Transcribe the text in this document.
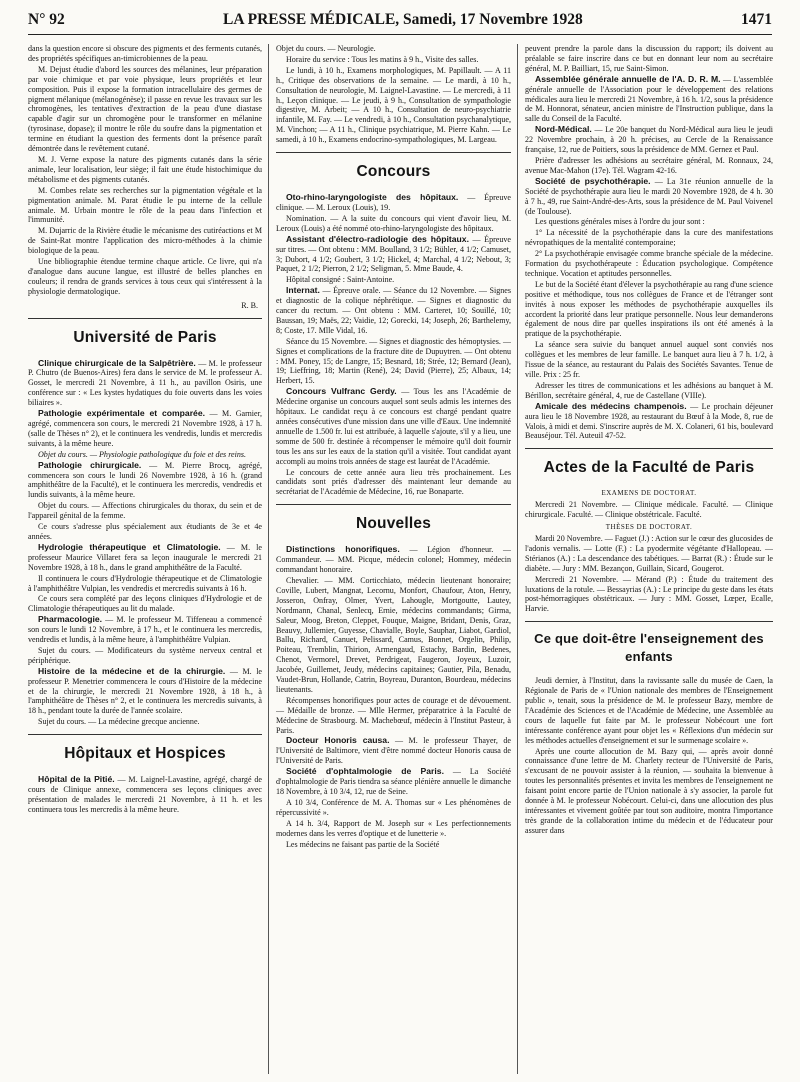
N° 92	LA PRESSE MÉDICALE, Samedi, 17 Novembre 1928	1471

dans la question encore si obscure des pigments et des ferments cutanés, des propriétés spécifiques an-timicrobiennes de la peau.

M. Dejust étudie d'abord les sources des mélanines, leur préparation par voie chimique et par voie physique, leurs propriétés et leur composition. Puis il expose la formation intracellulaire des germes de pigment mélanique (mélanogénèse); il passe en revue les travaux sur les chromogènes, les tentatives d'extraction de la peau d'une diastase capable d'agir sur un chromogène pour le transformer en mélanine (tyrosinase, dopase); il montre le rôle du soufre dans la pigmentation et termine en étudiant la question des ferments dont la présence paraît démontrée dans le revêtement cutané.

M. J. Verne expose la nature des pigments cutanés dans la série animale, leur localisation, leur siège; il fait une étude histochimique du métabolisme et des pigments cutanés.

M. Combes relate ses recherches sur la pigmentation végétale et la pigmentation animale. M. Parat étudie le pu interne de la cellule animale. M. Urbain montre le rôle de la peau dans l'infection et l'immunité.

M. Dujarric de la Rivière étudie le mécanisme des cutiréactions et M de Saint-Rat montre l'application des micro-méthodes à la chimie biologique de la peau.

Une bibliographie étendue termine chaque article. Ce livre, qui n'a d'analogue dans aucune langue, est illustré de belles planches en couleurs; il rendra de grands services à tous ceux qui s'intéressent à la physiologie dermatologique.

R. B.
Université de Paris

Clinique chirurgicale de la Salpêtrière. — M. le professeur P. Chutro (de Buenos-Aires) fera dans le service de M. le professeur A. Gosset, le mercredi 21 Novembre, à 11 h., au pavillon Osiris, une conférence sur : « Les kystes hydatiques du foie ouverts dans les voies biliaires ».

Pathologie expérimentale et comparée. — M. Garnier, agrégé, commencera son cours, le mercredi 21 Novembre 1928, à 17 h. (salle de Thèses n° 2), et le continuera les vendredis, lundis et mercredis suivants, à la même heure.

Objet du cours. — Physiologie pathologique du foie et des reins.

Pathologie chirurgicale. — M. Pierre Brocq, agrégé, commencera son cours le lundi 26 Novembre 1928, à 16 h. (grand amphithéâtre de la Faculté), et le continuera les mercredis, vendredis et lundis suivants, à la même heure.

Objet du cours. — Affections chirurgicales du thorax, du sein et de l'appareil génital de la femme.

Ce cours s'adresse plus spécialement aux étudiants de 3e et 4e années.

Hydrologie thérapeutique et Climatologie. — M. le professeur Maurice Villaret fera sa leçon inaugurale le mercredi 21 Novembre 1928, à 18 h., dans le grand amphithéâtre de la Faculté.

Il continuera le cours d'Hydrologie thérapeutique et de Climatologie à l'amphithéâtre Vulpian, les vendredis et mercredis suivants à 16 h.

Ce cours sera complété par des leçons cliniques d'Hydrologie et de Climatologie thérapeutiques au lit du malade.

Pharmacologie. — M. le professeur M. Tiffeneau a commencé son cours le lundi 12 Novembre, à 17 h., et le continuera les mercredis, vendredis et lundis, à la même heure, à l'amphithéâtre Vulpian.

Sujet du cours. — Modificateurs du système nerveux central et périphérique.

Histoire de la médecine et de la chirurgie. — M. le professeur P. Menetrier commencera le cours d'Histoire de la médecine et de la chirurgie, le mercredi 21 Novembre 1928, à 18 h., à l'amphithéâtre de Thèses n° 2, et le continuera les mercredis suivants, à 18 h., pendant toute la durée de l'année scolaire.

Sujet du cours. — La médecine grecque ancienne.

Hôpitaux et Hospices

Hôpital de la Pitié. — M. Laignel-Lavastine, agrégé, chargé de cours de Clinique annexe, commencera ses leçons cliniques avec présentation de malades le mercredi 21 Novembre, à 11 h. et les continuera tous les mercredis à la même heure.

Objet du cours. — Neurologie.

Horaire du service : Tous les matins à 9 h., Visite des salles.

Le lundi, à 10 h., Examens morphologiques, M. Papillault. — A 11 h., Critique des observations de la semaine. — Le mardi, à 10 h., Consultation de neurologie, M. Laignel-Lavastine. — Le mercredi, à 11 h., Leçon clinique. — Le jeudi, à 9 h., Consultation de sympathologie digestive, M. Arbeit; — A 10 h., Consultation de neuro-psychiatrie infantile, M. Fay. — Le vendredi, à 10 h., Consultation psychanalytique, M. Vinchon; — A 11 h., Clinique psychiatrique, M. Pierre Kahn. — Le samedi, à 10 h., Examens endocrino-sympathologiques, M. Largeau.

Concours

Oto-rhino-laryngologiste des hôpitaux. — Épreuve clinique. — M. Leroux (Louis), 19.

Nomination. — A la suite du concours qui vient d'avoir lieu, M. Leroux (Louis) a été nommé oto-rhino-laryngologiste des hôpitaux.

Assistant d'électro-radiologie des hôpitaux. — Épreuve sur titres. — Ont obtenu : MM. Boulland, 3 1/2; Bühler, 4 1/2; Camuset, 3; Dubort, 4 1/2; Goubert, 3 1/2; Hickel, 4; Marchal, 4 1/2; Nebout, 3; Paquet, 2 1/2; Pierron, 2 1/2; Seligman, 5. Mme Baude, 4.

Hôpital consigné : Saint-Antoine.

Internat. — Épreuve orale. — Séance du 12 Novembre. — Signes et diagnostic de la colique néphrétique. — Signes et diagnostic du cancer du rectum. — Ont obtenu : MM. Carteret, 10; Souillé, 10; Baussan, 19; Maës, 22; Vaidie, 12; Gorecki, 14; Joseph, 26; Barthelemy, 8; Coste, 17. Mlle Vidal, 16.

Séance du 15 Novembre. — Signes et diagnostic des hémoptysies. — Signes et complications de la fracture dite de Dupuytren. — Ont obtenu : MM. Poney, 15; de Langre, 15; Besnard, 18; Strée, 12; Bernard (Jean), 19; Lieffring, 18; Martin (René), 24; David (Pierre), 25; Albaux, 14; Herbert, 15.

Concours Vulfranc Gerdy. — Tous les ans l'Académie de Médecine organise un concours auquel sont seuls admis les internes des hôpitaux. Le candidat reçu à ce concours est chargé pendant quatre années consécutives d'une mission dans une ville d'Eaux. Une indemnité annuelle de 1.500 fr. lui est attribuée, à laquelle s'ajoute, s'il y a lieu, une somme de 500 fr. destinée à récompenser le mémoire qu'il doit fournir tous les ans sur les eaux de la station qu'il a visitée. Tout candidat ayant accompli au moins trois années de stage est lauréat de l'Académie.

Le concours de cette année aura lieu très prochainement. Les candidats sont priés d'adresser dès maintenant leur demande au secrétariat de l'Académie de Médecine, 16, rue Bonaparte.

Nouvelles

Distinctions honorifiques. — Légion d'honneur. — Commandeur. — MM. Picque, médecin colonel; Hommey, médecin commandant honoraire.

Chevalier. — MM. Corticchiato, médecin lieutenant honoraire; Coville, Lubert, Mangnat, Lecornu, Monfort, Chaufour, Aton, Henry, Josseron, Onfray, Olmer, Yvert, Lahougle, Mortgoutte, Lautey, Nordmann, Chanal, Senlecq, Ernie, médecins commandants; Girma, Saleur, Moog, Breton, Cleppet, Fouque, Maigne, Bridant, Denis, Graz, Beauvy, Jullemier, Guyesse, Chavialle, Boyle, Sauphar, Liabot, Gardiol, Ballu, Richard, Canuet, Pelissard, Camus, Bonnet, Orgelin, Philip, Poiteau, Tremblin, Thirion, Armengaud, Estachy, Bardin, Bedenes, Chenot, Vermorel, Drevet, Perdrigeat, Faugeron, Joyeux, Luzoir, Jacobée, Guillemet, Jeudy, médecins capitaines; Gautier, Pila, Benadu, Vaudet-Brun, Hollande, Catrin, Boyreau, Duranton, Bourdeau, médecins lieutenants.

Récompenses honorifiques pour actes de courage et de dévouement. — Médaille de bronze. — Mlle Herrner, préparatrice à la Faculté de Médecine de Strasbourg. M. Machebœuf, médecin à l'Institut Pasteur, à Paris.

Docteur Honoris causa. — M. le professeur Thayer, de l'Université de Baltimore, vient d'être nommé docteur Honoris causa de l'Université de Paris.

Société d'ophtalmologie de Paris. — La Société d'ophtalmologie de Paris tiendra sa séance plénière annuelle le dimanche 18 Novembre, à 10 3/4, 12, rue de Seine.

A 10 3/4, Conférence de M. A. Thomas sur « Les phénomènes de répercussivité ».

A 14 h. 3/4, Rapport de M. Joseph sur « Les perfectionnements modernes dans les verres d'optique et de lunetterie ».

Les médecins ne faisant pas partie de la Société

peuvent prendre la parole dans la discussion du rapport; ils doivent au préalable se faire inscrire dans ce but en donnant leur nom au secrétaire général, M. P. Bailliart, 15, rue Saint-Simon.

Assemblée générale annuelle de l'A. D. R. M. — L'assemblée générale annuelle de l'Association pour le développement des relations médicales aura lieu le mercredi 21 Novembre, à 16 h. 1/2, sous la présidence de M. Honnorat, sénateur, ancien ministre de l'Instruction publique, dans la salle du Conseil de la Faculté.

Nord-Médical. — Le 20e banquet du Nord-Médical aura lieu le jeudi 22 Novembre prochain, à 20 h. précises, au Cercle de la Renaissance française, 12, rue de Poitiers, sous la présidence de MM. Gernez et Paul.

Prière d'adresser les adhésions au secrétaire général, M. Ronnaux, 24, avenue Mac-Mahon (17e). Tél. Wagram 42-16.

Société de psychothérapie. — La 31e réunion annuelle de la Société de psychothérapie aura lieu le mardi 20 Novembre 1928, de 4 h. 30 à 7 h., 49, rue Saint-André-des-Arts, sous la présidence de M. Paul Voivenel (de Toulouse).

Les questions générales mises à l'ordre du jour sont :

1° La nécessité de la psychothérapie dans la cure des manifestations névropathiques de la mentalité contemporaine;

2° La psychothérapie envisagée comme branche spéciale de la médecine. Formation du psychothérapeute : Éducation psychologique. Compétence technique. Vocation et aptitudes personnelles.

Le but de la Société étant d'élever la psychothérapie au rang d'une science positive et méthodique, tous nos collègues de France et de l'étranger sont invités à nous exposer les méthodes de psychothérapie auxquelles ils accordent la priorité dans leur pratique personnelle. Nous leur demanderons également de nous dire par quelles inspirations ils ont été amenés à la pratique de la psychothérapie.

La séance sera suivie du banquet annuel auquel sont conviés nos collègues et les membres de leur famille. Le banquet aura lieu à 7 h. 1/2, à l'issue de la séance, au restaurant du Palais des Sociétés Savantes. Tenue de ville. Prix : 25 fr.

Adresser les titres de communications et les adhésions au banquet à M. Bérillon, secrétaire général, 4, rue de Castellane (VIIIe).

Amicale des médecins champenois. — Le prochain déjeuner aura lieu le 18 Novembre 1928, au restaurant du Bœuf à la Mode, 8, rue de Valois, à midi et demi. S'inscrire auprès de M. X. Colaneri, 61 bis, boulevard Beauséjour. Tél. Auteuil 47-52.

Actes de la Faculté de Paris
EXAMENS DE DOCTORAT.

Mercredi 21 Novembre. — Clinique médicale. Faculté. — Clinique chirurgicale. Faculté. — Clinique obstétricale. Faculté.

THÈSES DE DOCTORAT.

Mardi 20 Novembre. — Faguet (J.) : Action sur le cœur des glucosides de l'adonis vernalis. — Lotte (F.) : La pyodermite végétante d'Hallopeau. — Stérianos (A.) : La descendance des tabétiques. — Barrat (R.) : Étude sur le diabète. — Jury : MM. Bezançon, Guillain, Sicard, Gougerot.

Mercredi 21 Novembre. — Mérand (P.) : Étude du traitement des luxations de la rotule. — Bessayrias (A.) : Le principe du geste dans les états post-hémorragiques obstétricaux. — Jury : MM. Gosset, Lœper, Ecalle, Harvie.

Ce que doit-être l'enseignement des enfants

Jeudi dernier, à l'Institut, dans la ravissante salle du musée de Caen, la Régionale de Paris de « l'Union nationale des membres de l'Enseignement public », tenait, sous la présidence de M. le professeur Bazy, membre de l'Académie des Sciences et de l'Académie de Médecine, une Assemblée au cours de laquelle fut faite par M. le professeur Nobécourt une fort intéressante conférence ayant pour objet les « Réflexions d'un médecin sur les méthodes actuelles d'enseignement et sur le surmenage scolaire ».

Après une courte allocution de M. Bazy qui, — après avoir donné connaissance d'une lettre de M. Charlety recteur de l'Université de Paris, s'excusant de ne pouvoir assister à la réunion, — souhaita la bienvenue à toutes les personnalités présentes et invita les membres de l'enseignement ne faisant point encore partie de l'Union nationale à s'y associer, la parole fut donnée à M. le professeur Nobécourt. Celui-ci, dans une allocution des plus intéressantes et vivement goûtée par tout son auditoire, montra l'importance très grande de la collaboration intime du médecin et de l'éducateur pour assurer dans
